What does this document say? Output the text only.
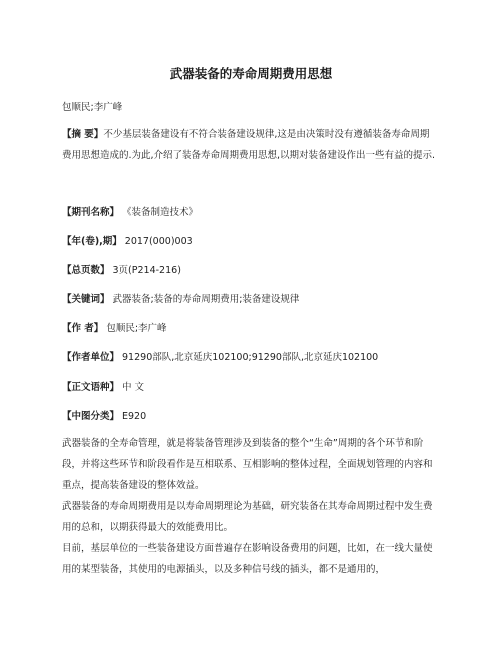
武器装备的寿命周期费用思想
包顺民;李广峰
【摘 要】不少基层装备建设有不符合装备建设规律,这是由决策时没有遵循装备寿命周期费用思想造成的.为此,介绍了装备寿命周期费用思想,以期对装备建设作出一些有益的提示.
【期刊名称】 《装备制造技术》
【年(卷),期】 2017(000)003
【总页数】 3页(P214-216)
【关键词】 武器装备;装备的寿命周期费用;装备建设规律
【作 者】 包顺民;李广峰
【作者单位】 91290部队,北京延庆102100;91290部队,北京延庆102100
【正文语种】 中 文
【中图分类】 E920
武器装备的全寿命管理，就是将装备管理涉及到装备的整个“生命”周期的各个环节和阶段，并将这些环节和阶段看作是互相联系、互相影响的整体过程，全面规划管理的内容和重点，提高装备建设的整体效益。
武器装备的寿命周期费用是以寿命周期理论为基础，研究装备在其寿命周期过程中发生费用的总和，以期获得最大的效能费用比。
目前，基层单位的一些装备建设方面普遍存在影响设备费用的问题，比如，在一线大量使用的某型装备，其使用的电源插头，以及多种信号线的插头，都不是通用的，
